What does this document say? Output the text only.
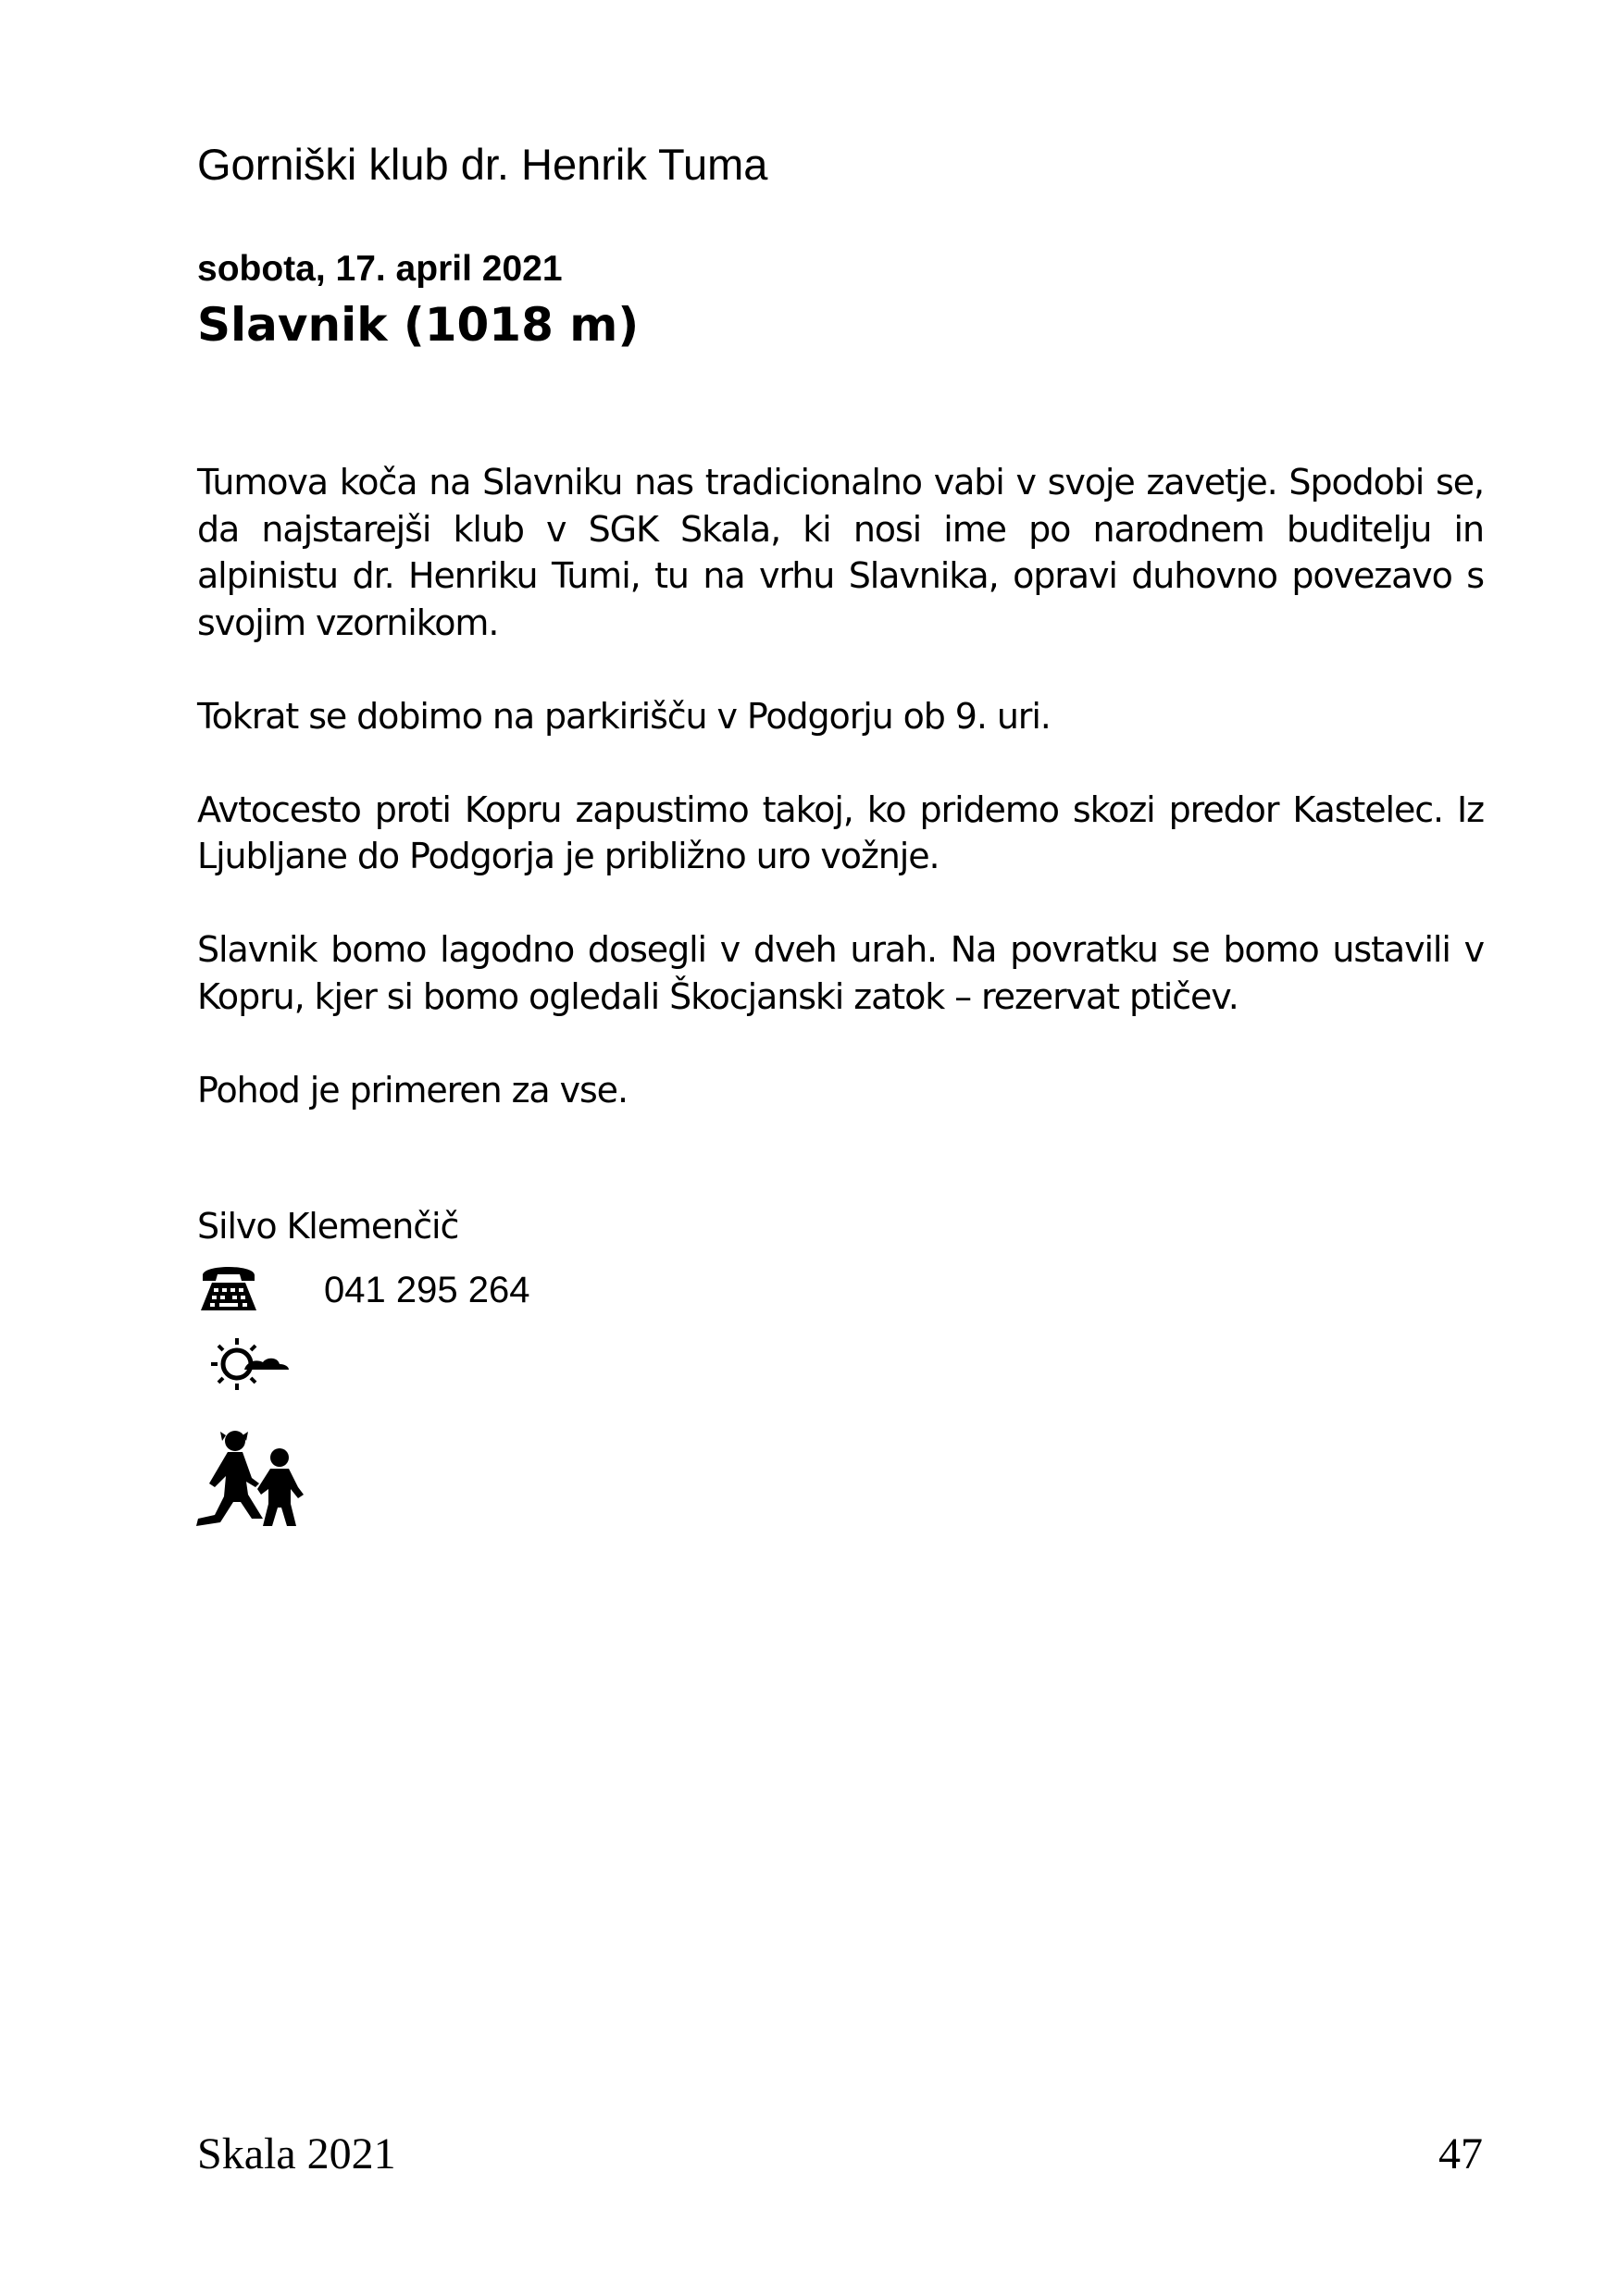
Gorniški klub dr. Henrik Tuma
sobota, 17. april 2021
Slavnik (1018 m)

Tumova koča na Slavniku nas tradicionalno vabi v svoje zavetje. Spodobi se, da najstarejši klub v SGK Skala, ki nosi ime po narodnem buditelju in alpinistu dr. Henriku Tumi, tu na vrhu Slavnika, opravi duhovno povezavo s svojim vzornikom.

Tokrat se dobimo na parkirišču v Podgorju ob 9. uri.

Avtocesto proti Kopru zapustimo takoj, ko pridemo skozi predor Kastelec. Iz Ljubljane do Podgorja je približno uro vožnje.

Slavnik bomo lagodno dosegli v dveh urah. Na povratku se bomo ustavili v Kopru, kjer si bomo ogledali Škocjanski zatok – rezervat ptičev.

Pohod je primeren za vse.

Silvo Klemenčič
041 295 264
Skala 2021	47
